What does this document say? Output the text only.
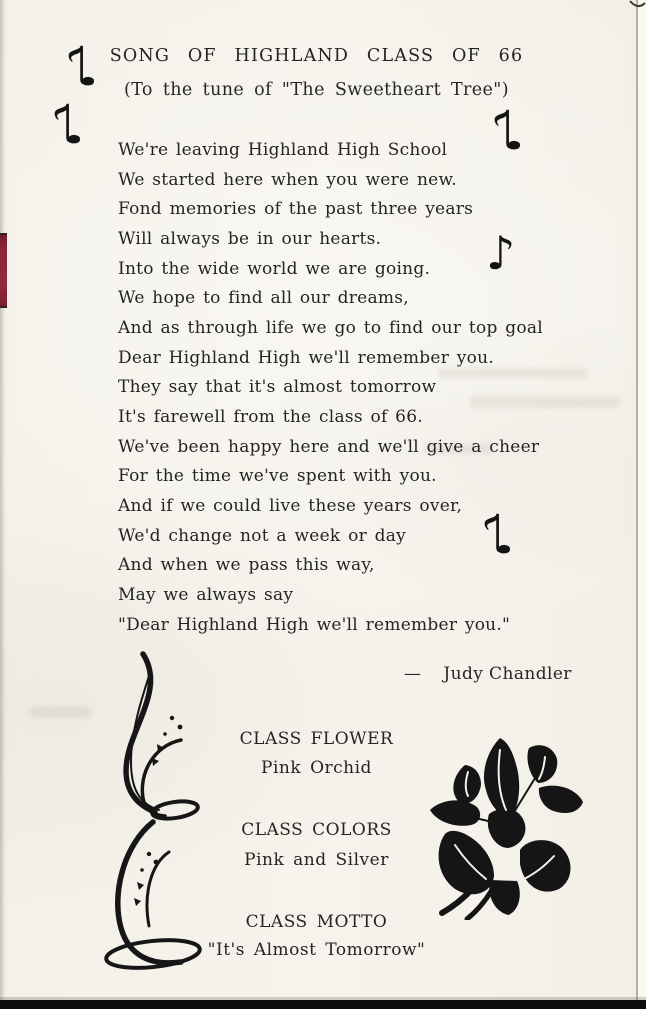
♪
♪	♪
♪
♪
SONG OF HIGHLAND CLASS OF 66
(To the tune of "The Sweetheart Tree")
We're leaving Highland High School
We started here when you were new.
Fond memories of the past three years
Will always be in our hearts.
Into the wide world we are going.
We hope to find all our dreams,
And as through life we go to find our top goal
Dear Highland High we'll remember you.
They say that it's almost tomorrow
It's farewell from the class of 66.
We've been happy here and we'll give a cheer
For the time we've spent with you.
And if we could live these years over,
We'd change not a week or day
And when we pass this way,
May we always say
"Dear Highland High we'll remember you."
— Judy Chandler
CLASS FLOWER
Pink Orchid
CLASS COLORS
Pink and Silver
CLASS MOTTO
"It's Almost Tomorrow"
